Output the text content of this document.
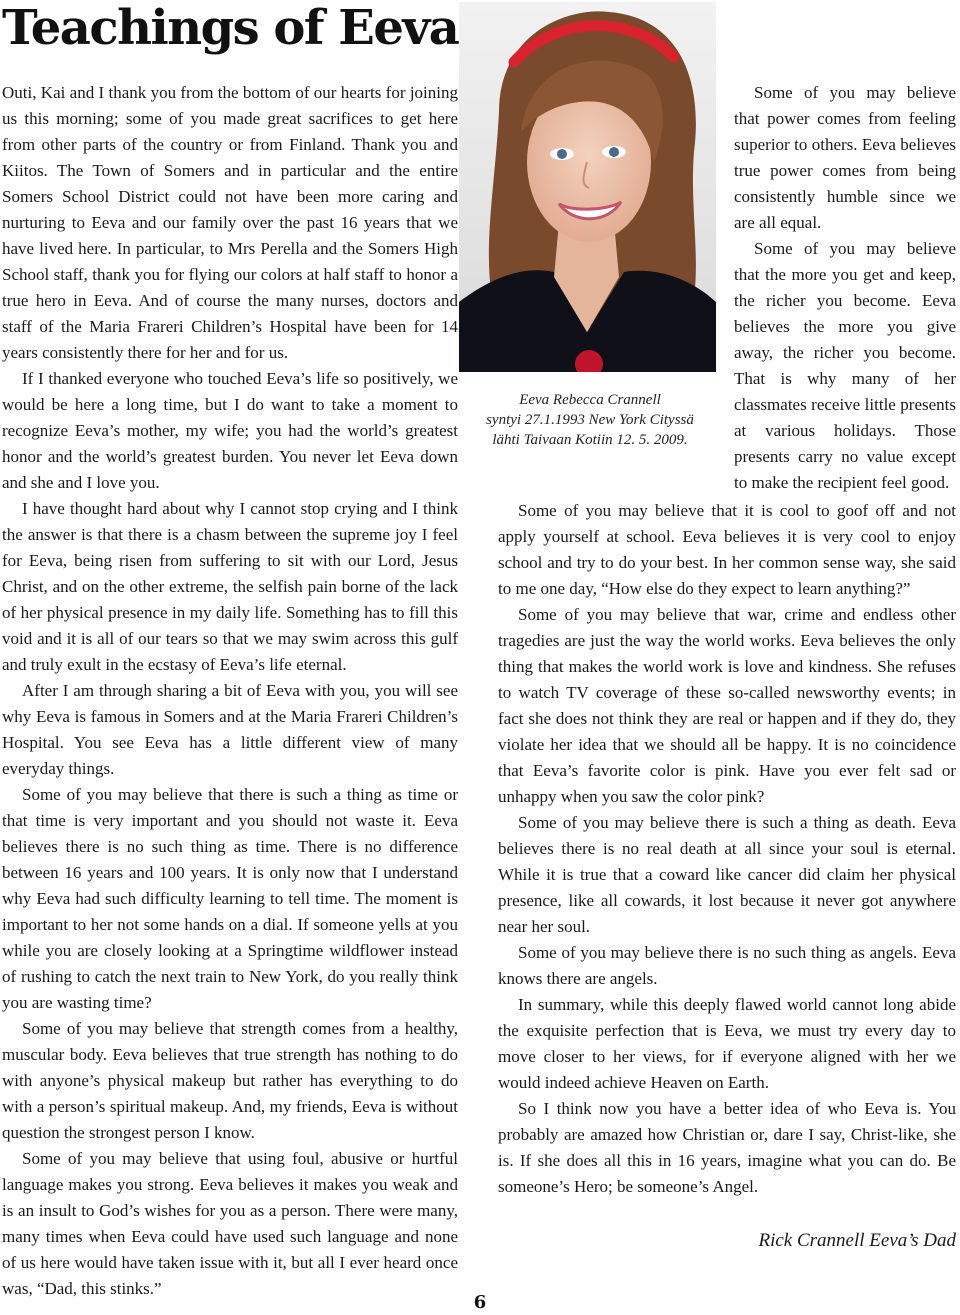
Teachings of Eeva

Outi, Kai and I thank you from the bottom of our hearts for joining us this morning; some of you made great sacrifices to get here from other parts of the country or from Finland. Thank you and Kiitos. The Town of Somers and in particular and the entire Somers School District could not have been more caring and nurturing to Eeva and our family over the past 16 years that we have lived here. In particular, to Mrs Perella and the Somers High School staff, thank you for flying our colors at half staff to honor a true hero in Eeva. And of course the many nurses, doctors and staff of the Maria Frareri Children’s Hospital have been for 14 years consistently there for her and for us.

If I thanked everyone who touched Eeva’s life so positively, we would be here a long time, but I do want to take a moment to recognize Eeva’s mother, my wife; you had the world’s greatest honor and the world’s greatest burden. You never let Eeva down and she and I love you.

I have thought hard about why I cannot stop crying and I think the answer is that there is a chasm between the supreme joy I feel for Eeva, being risen from suffering to sit with our Lord, Jesus Christ, and on the other extreme, the selfish pain borne of the lack of her physical presence in my daily life. Something has to fill this void and it is all of our tears so that we may swim across this gulf and truly exult in the ecstasy of Eeva’s life eternal.

After I am through sharing a bit of Eeva with you, you will see why Eeva is famous in Somers and at the Maria Frareri Children’s Hospital. You see Eeva has a little different view of many everyday things.

Some of you may believe that there is such a thing as time or that time is very important and you should not waste it. Eeva believes there is no such thing as time. There is no difference between 16 years and 100 years. It is only now that I understand why Eeva had such difficulty learning to tell time. The moment is important to her not some hands on a dial. If someone yells at you while you are closely looking at a Springtime wildflower instead of rushing to catch the next train to New York, do you really think you are wasting time?

Some of you may believe that strength comes from a healthy, muscular body. Eeva believes that true strength has nothing to do with anyone’s physical makeup but rather has everything to do with a person’s spiritual makeup. And, my friends, Eeva is without question the strongest person I know.

Some of you may believe that using foul, abusive or hurtful language makes you strong. Eeva believes it makes you weak and is an insult to God’s wishes for you as a person. There were many, many times when Eeva could have used such language and none of us here would have taken issue with it, but all I ever heard once was, “Dad, this stinks.”

Eeva Rebecca Crannell
syntyi 27.1.1993 New York Cityssä
lähti Taivaan Kotiin 12. 5. 2009.

Some of you may believe that power comes from feeling superior to others. Eeva believes true power comes from being consistently humble since we are all equal.

Some of you may believe that the more you get and keep, the richer you become. Eeva believes the more you give away, the richer you become. That is why many of her classmates receive little presents at various holidays. Those presents carry no value except to make the recipient feel good.

Some of you may believe that it is cool to goof off and not apply yourself at school. Eeva believes it is very cool to enjoy school and try to do your best. In her common sense way, she said to me one day, “How else do they expect to learn anything?”

Some of you may believe that war, crime and endless other tragedies are just the way the world works. Eeva believes the only thing that makes the world work is love and kindness. She refuses to watch TV coverage of these so-called newsworthy events; in fact she does not think they are real or happen and if they do, they violate her idea that we should all be happy. It is no coincidence that Eeva’s favorite color is pink. Have you ever felt sad or unhappy when you saw the color pink?

Some of you may believe there is such a thing as death. Eeva believes there is no real death at all since your soul is eternal. While it is true that a coward like cancer did claim her physical presence, like all cowards, it lost because it never got anywhere near her soul.

Some of you may believe there is no such thing as angels. Eeva knows there are angels.

In summary, while this deeply flawed world cannot long abide the exquisite perfection that is Eeva, we must try every day to move closer to her views, for if everyone aligned with her we would indeed achieve Heaven on Earth.

So I think now you have a better idea of who Eeva is. You probably are amazed how Christian or, dare I say, Christ-like, she is. If she does all this in 16 years, imagine what you can do. Be someone’s Hero; be someone’s Angel.

Rick Crannell Eeva’s Dad
6
